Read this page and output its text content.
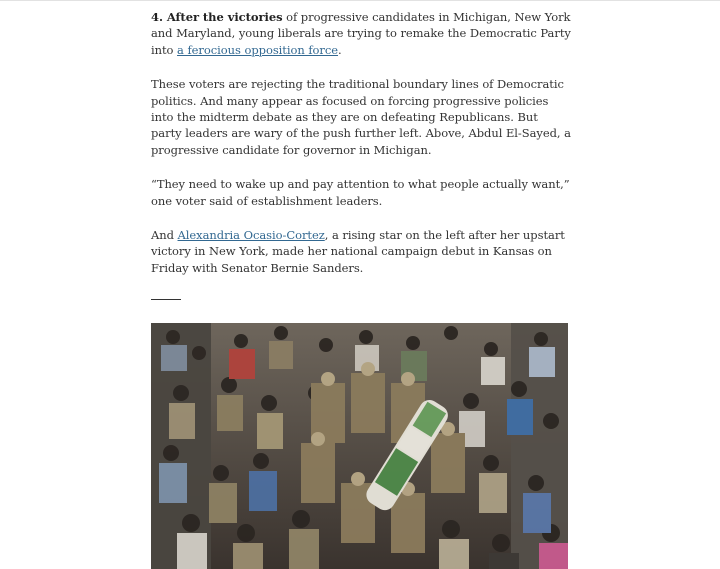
4. After the victories of progressive candidates in Michigan, New York and Maryland, young liberals are trying to remake the Democratic Party into a ferocious opposition force.

These voters are rejecting the traditional boundary lines of Democratic politics. And many appear as focused on forcing progressive policies into the midterm debate as they are on defeating Republicans. But party leaders are wary of the push further left. Above, Abdul El-Sayed, a progressive candidate for governor in Michigan.

“They need to wake up and pay attention to what people actually want,” one voter said of establishment leaders.

And Alexandria Ocasio-Cortez, a rising star on the left after her upstart victory in New York, made her national campaign debut in Kansas on Friday with Senator Bernie Sanders.
